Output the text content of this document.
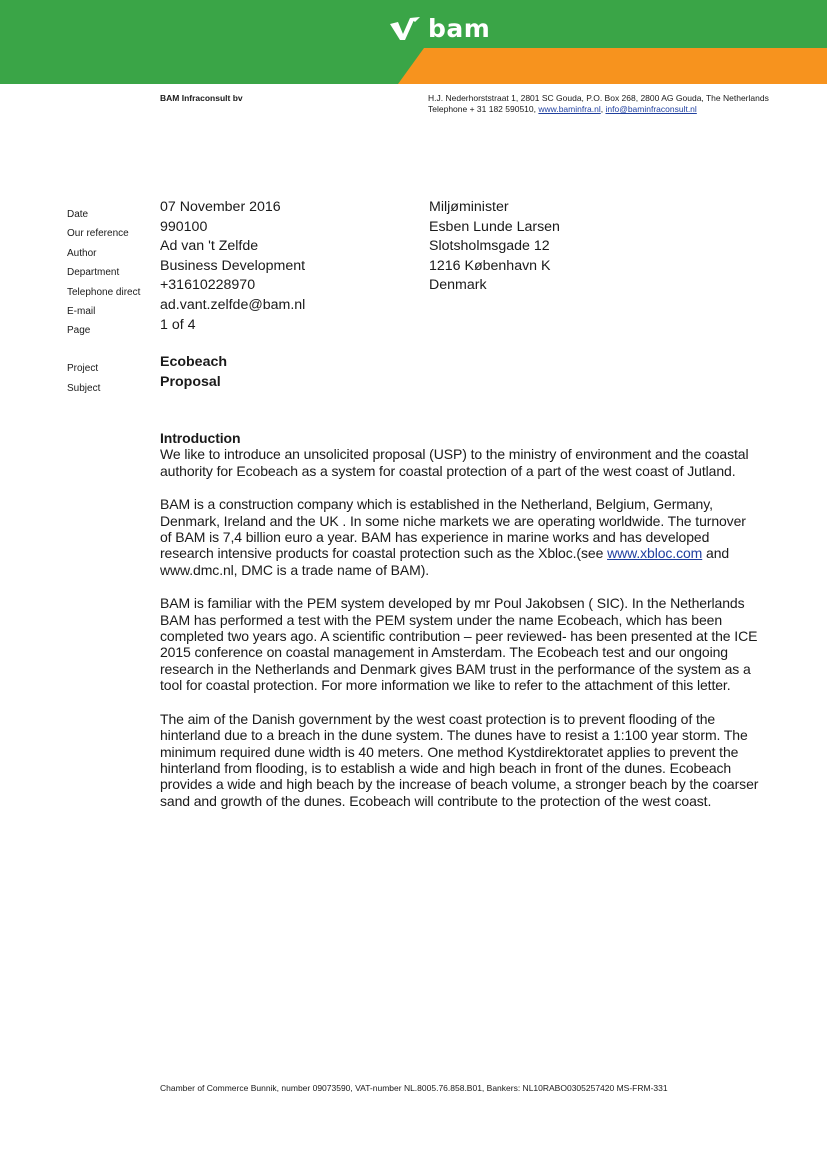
bam
BAM Infraconsult bv	H.J. Nederhorststraat 1, 2801 SC Gouda, P.O. Box 268, 2800 AG Gouda, The Netherlands
Telephone + 31 182 590510, www.baminfra.nl, info@baminfraconsult.nl
Date
Our reference
Author
Department
Telephone direct
E-mail
Page
07 November 2016
990100
Ad van 't Zelfde
Business Development
+31610228970
ad.vant.zelfde@bam.nl
1 of 4
Miljøminister
Esben Lunde Larsen
Slotsholmsgade 12
1216 København K
Denmark
Project
Subject
Ecobeach
Proposal
Introduction

We like to introduce an unsolicited proposal (USP) to the ministry of environment and the coastal authority for Ecobeach as a system for coastal protection of a part of the west coast of Jutland.

BAM is a construction company which is established in the Netherland, Belgium, Germany, Denmark, Ireland and the UK . In some niche markets we are operating worldwide. The turnover of BAM is 7,4 billion euro a year. BAM has experience in marine works and has developed research intensive products for coastal protection such as the Xbloc.(see www.xbloc.com and www.dmc.nl, DMC is a trade name of BAM).

BAM is familiar with the PEM system developed by mr Poul Jakobsen ( SIC). In the Netherlands BAM has performed a test with the PEM system under the name Ecobeach, which has been completed two years ago. A scientific contribution – peer reviewed- has been presented at the ICE 2015 conference on coastal management in Amsterdam. The Ecobeach test and our ongoing research in the Netherlands and Denmark gives BAM trust in the performance of the system as a tool for coastal protection. For more information we like to refer to the attachment of this letter.

The aim of the Danish government by the west coast protection is to prevent flooding of the hinterland due to a breach in the dune system. The dunes have to resist a 1:100 year storm. The minimum required dune width is 40 meters. One method Kystdirektoratet applies to prevent the hinterland from flooding, is to establish a wide and high beach in front of the dunes. Ecobeach provides a wide and high beach by the increase of beach volume, a stronger beach by the coarser sand and growth of the dunes. Ecobeach will contribute to the protection of the west coast.

Chamber of Commerce Bunnik, number 09073590, VAT-number NL.8005.76.858.B01, Bankers: NL10RABO0305257420 MS-FRM-331
